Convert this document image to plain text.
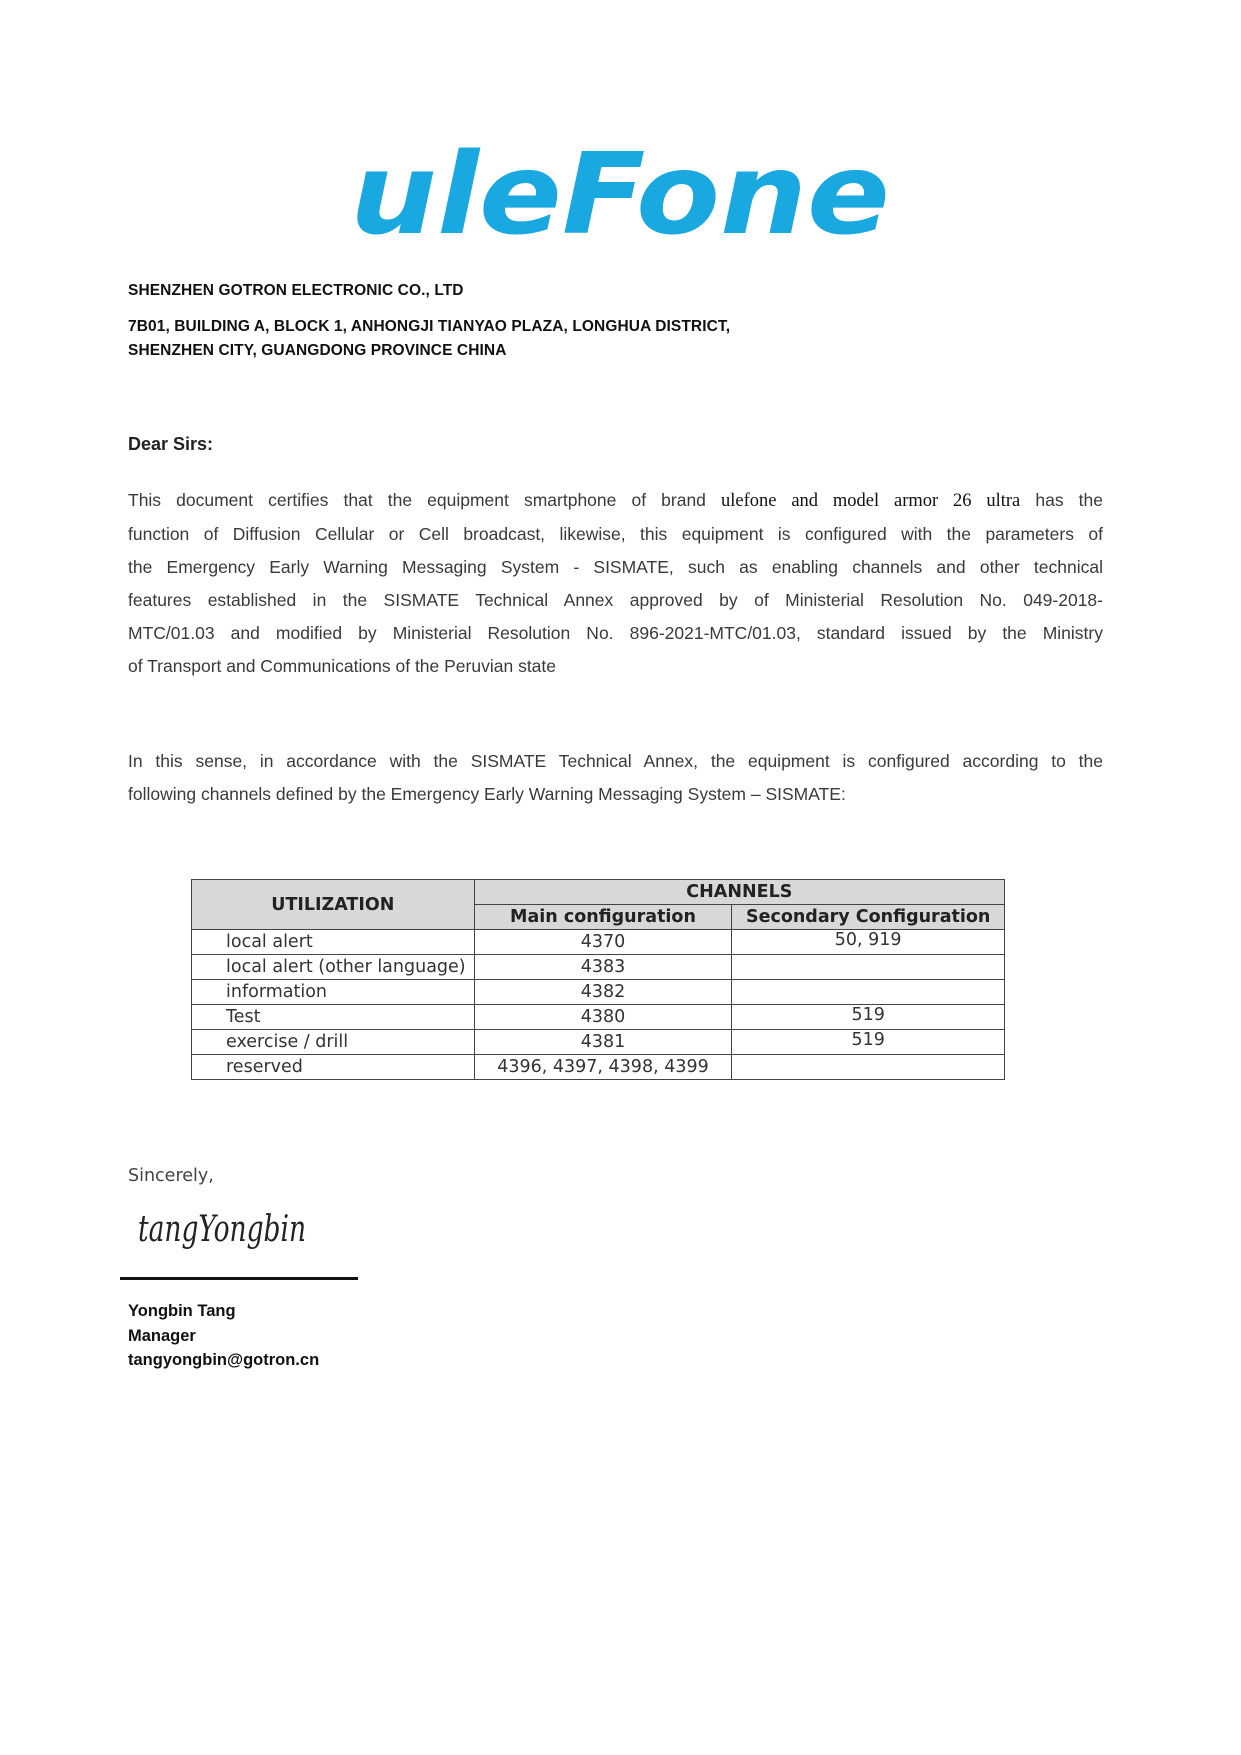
uleFone
SHENZHEN GOTRON ELECTRONIC CO., LTD
7B01, BUILDING A, BLOCK 1, ANHONGJI TIANYAO PLAZA, LONGHUA DISTRICT,
SHENZHEN CITY, GUANGDONG PROVINCE CHINA
Dear Sirs:
This document certifies that the equipment smartphone of brand ulefone and model armor 26 ultra has the
function of Diffusion Cellular or Cell broadcast, likewise, this equipment is configured with the parameters of
the Emergency Early Warning Messaging System - SISMATE, such as enabling channels and other technical
features established in the SISMATE Technical Annex approved by of Ministerial Resolution No. 049-2018-
MTC/01.03 and modified by Ministerial Resolution No. 896-2021-MTC/01.03, standard issued by the Ministry
of Transport and Communications of the Peruvian state
In this sense, in accordance with the SISMATE Technical Annex, the equipment is configured according to the
following channels defined by the Emergency Early Warning Messaging System – SISMATE:
UTILIZATION	CHANNELS	
	Main configuration	Secondary Configuration
local alert	4370	50, 919
local alert (other language)	4383	
information	4382	
Test	4380	519
exercise / drill	4381	519
reserved	4396, 4397, 4398, 4399	
Sincerely,
tangYongbin
Yongbin Tang
Manager
tangyongbin@gotron.cn
